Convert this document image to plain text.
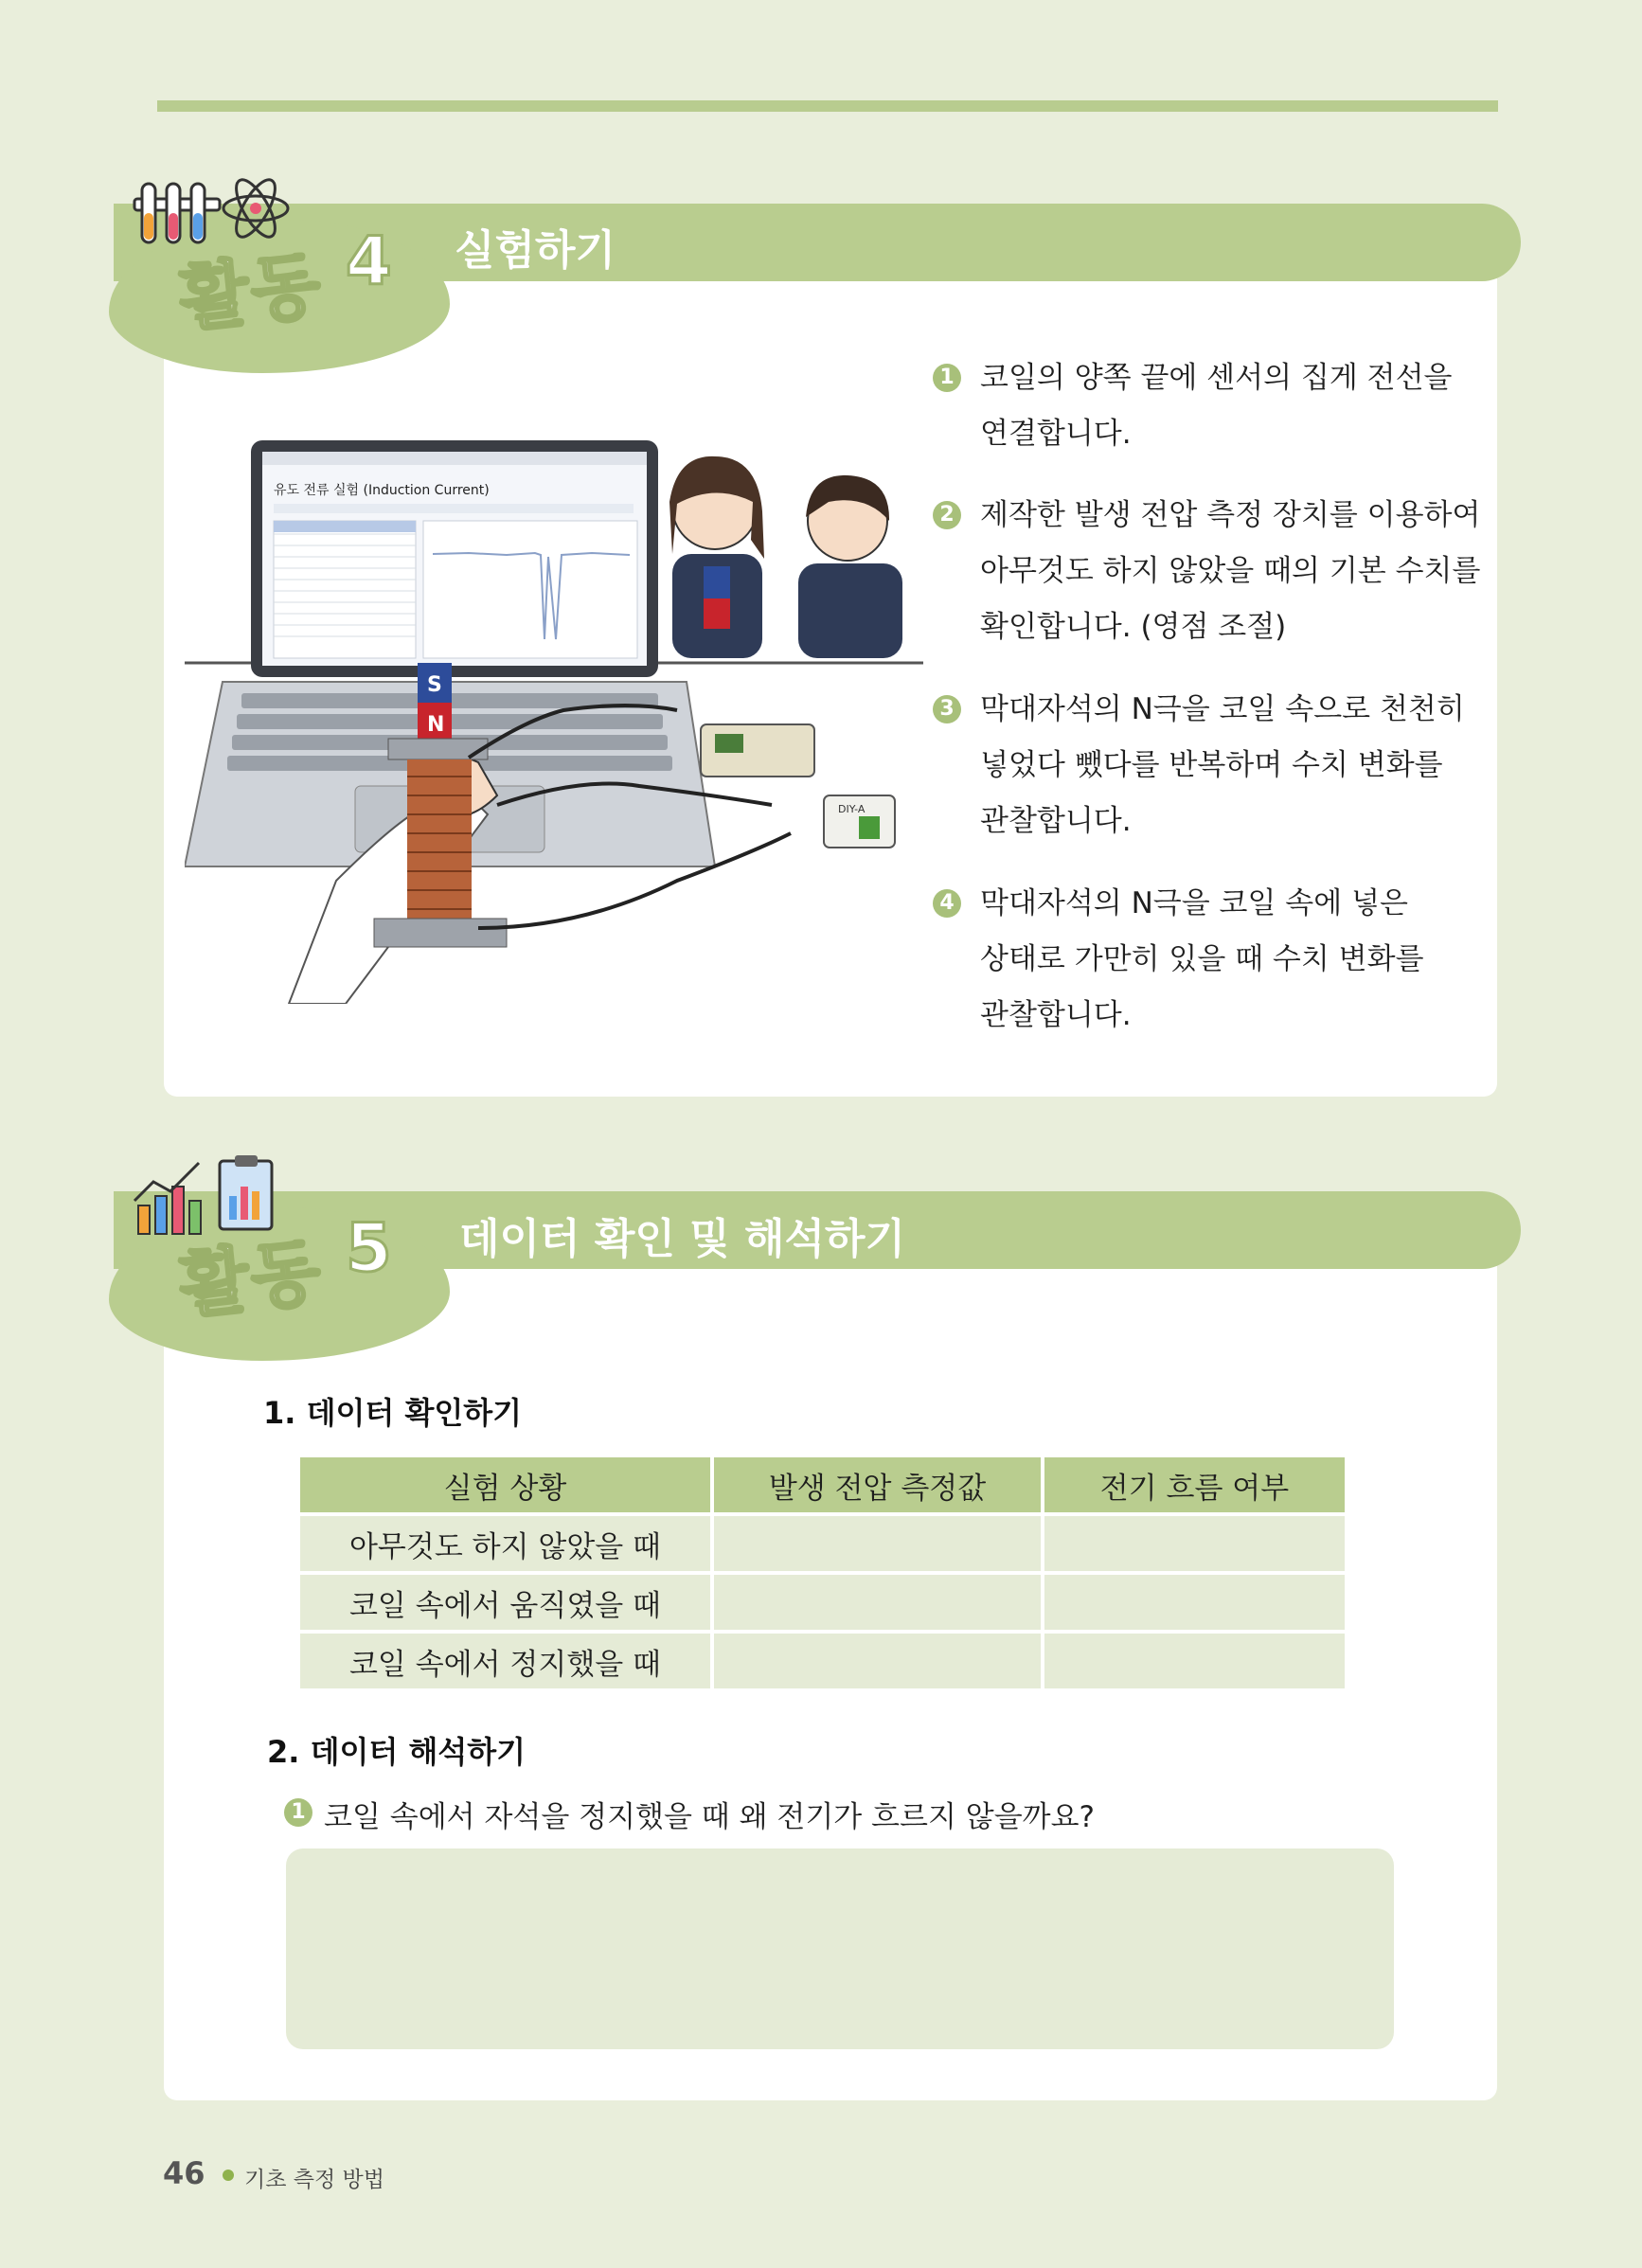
활동 4 실험하기
유도 전류 실험 (Induction Current)
S
N
DIY-A
1 코일의 양쪽 끝에 센서의 집게 전선을
연결합니다.
2 제작한 발생 전압 측정 장치를 이용하여
아무것도 하지 않았을 때의 기본 수치를
확인합니다. (영점 조절)
3 막대자석의 N극을 코일 속으로 천천히
넣었다 뺐다를 반복하며 수치 변화를
관찰합니다.
4 막대자석의 N극을 코일 속에 넣은
상태로 가만히 있을 때 수치 변화를
관찰합니다.
활동 5 데이터 확인 및 해석하기
1. 데이터 확인하기
실험 상황	발생 전압 측정값	전기 흐름 여부
아무것도 하지 않았을 때		
코일 속에서 움직였을 때		
코일 속에서 정지했을 때		
2. 데이터 해석하기
1 코일 속에서 자석을 정지했을 때 왜 전기가 흐르지 않을까요?
46 기초 측정 방법
